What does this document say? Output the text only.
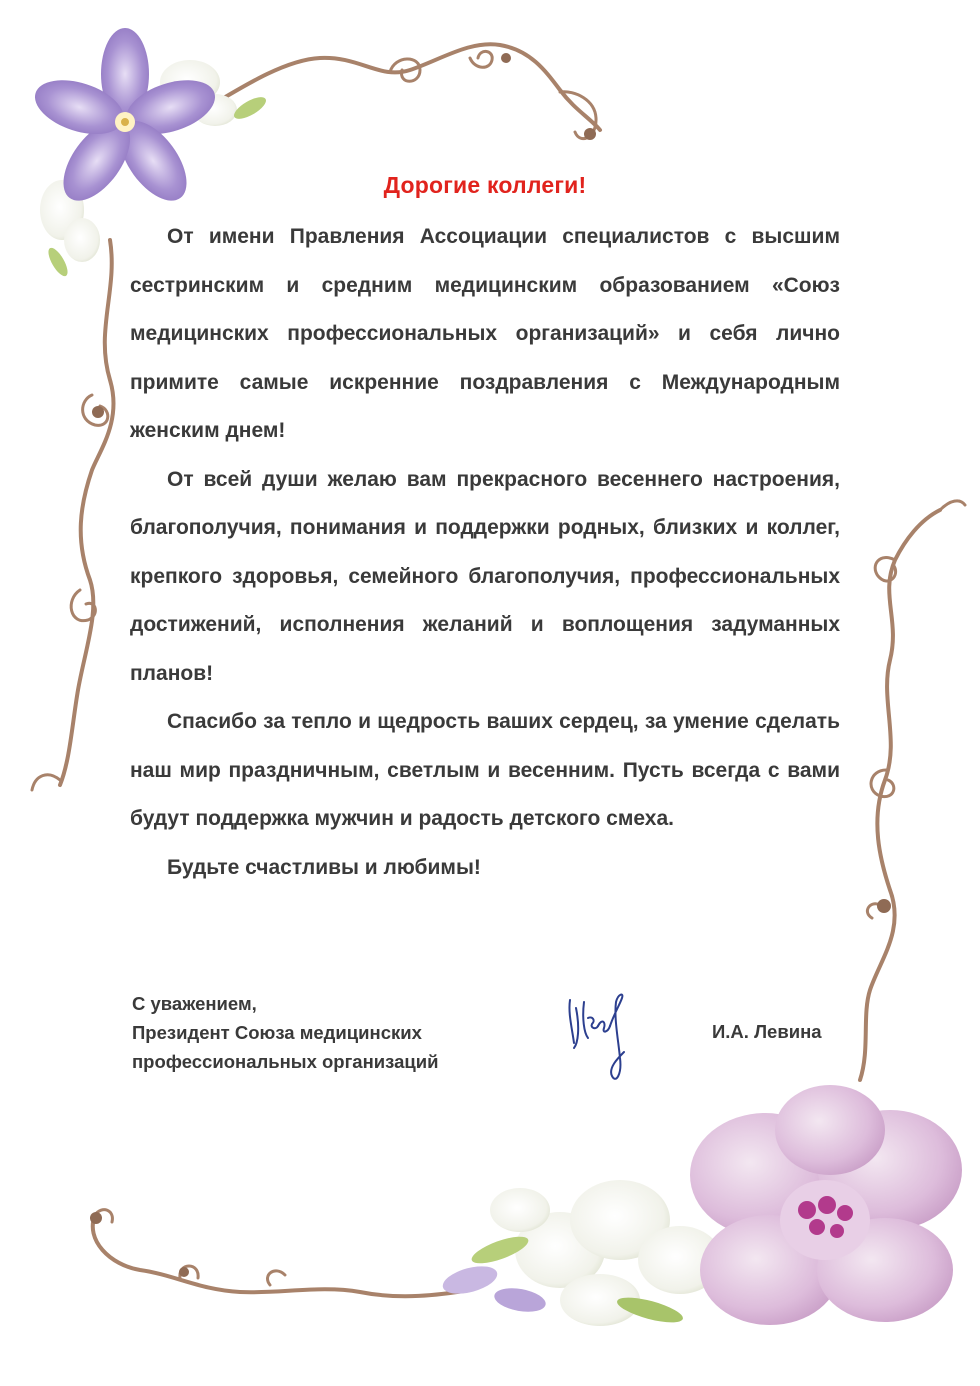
Дорогие коллеги!

От имени Правления Ассоциации специалистов с высшим сестринским и средним медицинским образованием «Союз медицинских профессиональных организаций» и себя лично примите самые искренние поздравления с Международным женским днем!

От всей души желаю вам прекрасного весеннего настроения, благополучия, понимания и поддержки родных, близких и коллег, крепкого здоровья, семейного благополучия, профессиональных достижений, исполнения желаний и воплощения задуманных планов!

Спасибо за тепло и щедрость ваших сердец, за умение сделать наш мир праздничным, светлым и весенним. Пусть всегда с вами будут поддержка мужчин и радость детского смеха.

Будьте счастливы и любимы!

С уважением,
Президент Союза медицинских
профессиональных организаций
И.А. Левина
